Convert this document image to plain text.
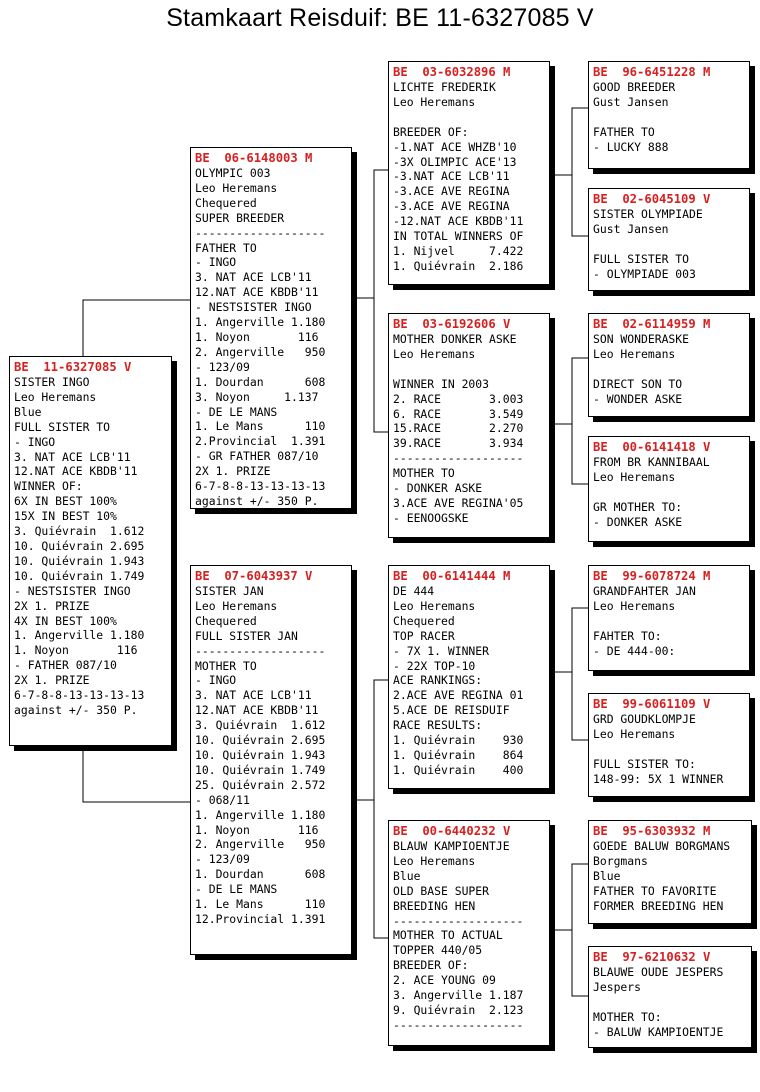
Stamkaart Reisduif: BE 11-6327085 V
BE  11-6327085 V
SISTER INGO
Leo Heremans
Blue
FULL SISTER TO
- INGO
3. NAT ACE LCB'11
12.NAT ACE KBDB'11
WINNER OF:
6X IN BEST 100%
15X IN BEST 10%
3. Quiévrain  1.612
10. Quiévrain 2.695
10. Quiévrain 1.943
10. Quiévrain 1.749
- NESTSISTER INGO
2X 1. PRIZE
4X IN BEST 100%
1. Angerville 1.180
1. Noyon       116
- FATHER 087/10
2X 1. PRIZE
6-7-8-8-13-13-13-13
against +/- 350 P.
BE  06-6148003 M
OLYMPIC 003
Leo Heremans
Chequered
SUPER BREEDER
-------------------
FATHER TO
- INGO
3. NAT ACE LCB'11
12.NAT ACE KBDB'11
- NESTSISTER INGO
1. Angerville 1.180
1. Noyon       116
2. Angerville   950
- 123/09
1. Dourdan      608
3. Noyon     1.137
- DE LE MANS
1. Le Mans      110
2.Provincial  1.391
- GR FATHER 087/10
2X 1. PRIZE
6-7-8-8-13-13-13-13
against +/- 350 P.
BE  07-6043937 V
SISTER JAN
Leo Heremans
Chequered
FULL SISTER JAN
-------------------
MOTHER TO
- INGO
3. NAT ACE LCB'11
12.NAT ACE KBDB'11
3. Quiévrain  1.612
10. Quiévrain 2.695
10. Quiévrain 1.943
10. Quiévrain 1.749
25. Quiévrain 2.572
- 068/11
1. Angerville 1.180
1. Noyon       116
2. Angerville   950
- 123/09
1. Dourdan      608
- DE LE MANS
1. Le Mans      110
12.Provincial 1.391
BE  03-6032896 M
LICHTE FREDERIK
Leo Heremans

BREEDER OF:
-1.NAT ACE WHZB'10
-3X OLIMPIC ACE'13
-3.NAT ACE LCB'11
-3.ACE AVE REGINA
-3.ACE AVE REGINA
-12.NAT ACE KBDB'11
IN TOTAL WINNERS OF
1. Nijvel     7.422
1. Quiévrain  2.186
BE  03-6192606 V
MOTHER DONKER ASKE
Leo Heremans

WINNER IN 2003
2. RACE       3.003
6. RACE       3.549
15.RACE       2.270
39.RACE       3.934
-------------------
MOTHER TO
- DONKER ASKE
3.ACE AVE REGINA'05
- EENOOGSKE
BE  00-6141444 M
DE 444
Leo Heremans
Chequered
TOP RACER
- 7X 1. WINNER
- 22X TOP-10
ACE RANKINGS:
2.ACE AVE REGINA 01
5.ACE DE REISDUIF
RACE RESULTS:
1. Quiévrain    930
1. Quiévrain    864
1. Quiévrain    400
BE  00-6440232 V
BLAUW KAMPIOENTJE
Leo Heremans
Blue
OLD BASE SUPER
BREEDING HEN
-------------------
MOTHER TO ACTUAL
TOPPER 440/05
BREEDER OF:
2. ACE YOUNG 09
3. Angerville 1.187
9. Quiévrain  2.123
-------------------
BE  96-6451228 M
GOOD BREEDER
Gust Jansen

FATHER TO
- LUCKY 888
BE  02-6045109 V
SISTER OLYMPIADE
Gust Jansen

FULL SISTER TO
- OLYMPIADE 003
BE  02-6114959 M
SON WONDERASKE
Leo Heremans

DIRECT SON TO
- WONDER ASKE
BE  00-6141418 V
FROM BR KANNIBAAL
Leo Heremans

GR MOTHER TO:
- DONKER ASKE
BE  99-6078724 M
GRANDFAHTER JAN
Leo Heremans

FAHTER TO:
- DE 444-00:
BE  99-6061109 V
GRD GOUDKLOMPJE
Leo Heremans

FULL SISTER TO:
148-99: 5X 1 WINNER
BE  95-6303932 M
GOEDE BALUW BORGMANS
Borgmans
Blue
FATHER TO FAVORITE
FORMER BREEDING HEN
BE  97-6210632 V
BLAUWE OUDE JESPERS
Jespers

MOTHER TO:
- BALUW KAMPIOENTJE
